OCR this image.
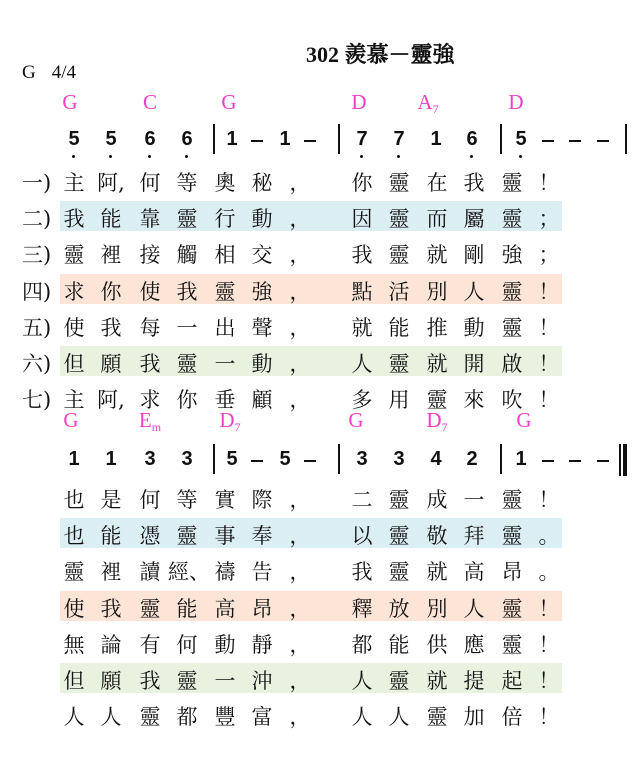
302 羨慕－靈強
G 4/4
G	C	G	D $A_7$	D
5 5 6 6 1 1	7 7 1 6 5
一) 主 阿, 何 等 奧 秘 ，	你 靈 在 我 靈 ！
二) 我 能 靠 靈 行 動 ，	因 靈 而 屬 靈 ；
三) 靈 裡 接 觸 相 交 ，	我 靈 就 剛 強 ；
四) 求 你 使 我 靈 強 ，	點 活 別 人 靈 ！
五) 使 我 每 一 出 聲 ，	就 能 推 動 靈 ！
六) 但 願 我 靈 一 動 ，	人 靈 就 開 啟 ！
七) 主 阿, 求 你 垂 顧 ，	多 用 靈 來 吹 ！
G	$E_m$	$D_7$	G	$D_7$	G
1 1 3 3 5 5	3 3 4 2 1
也 是 何 等 實 際 ，	二 靈 成 一 靈 ！
也 能 憑 靈 事 奉 ，	以 靈 敬 拜 靈 。
靈 裡 讀 經、 禱 告 ，	我 靈 就 高 昂 。
使 我 靈 能 高 昂 ，	釋 放 別 人 靈 ！
無 論 有 何 動 靜 ，	都 能 供 應 靈 ！
但 願 我 靈 一 沖 ，	人 靈 就 提 起 ！
人 人 靈 都 豐 富 ，	人 人 靈 加 倍 ！
